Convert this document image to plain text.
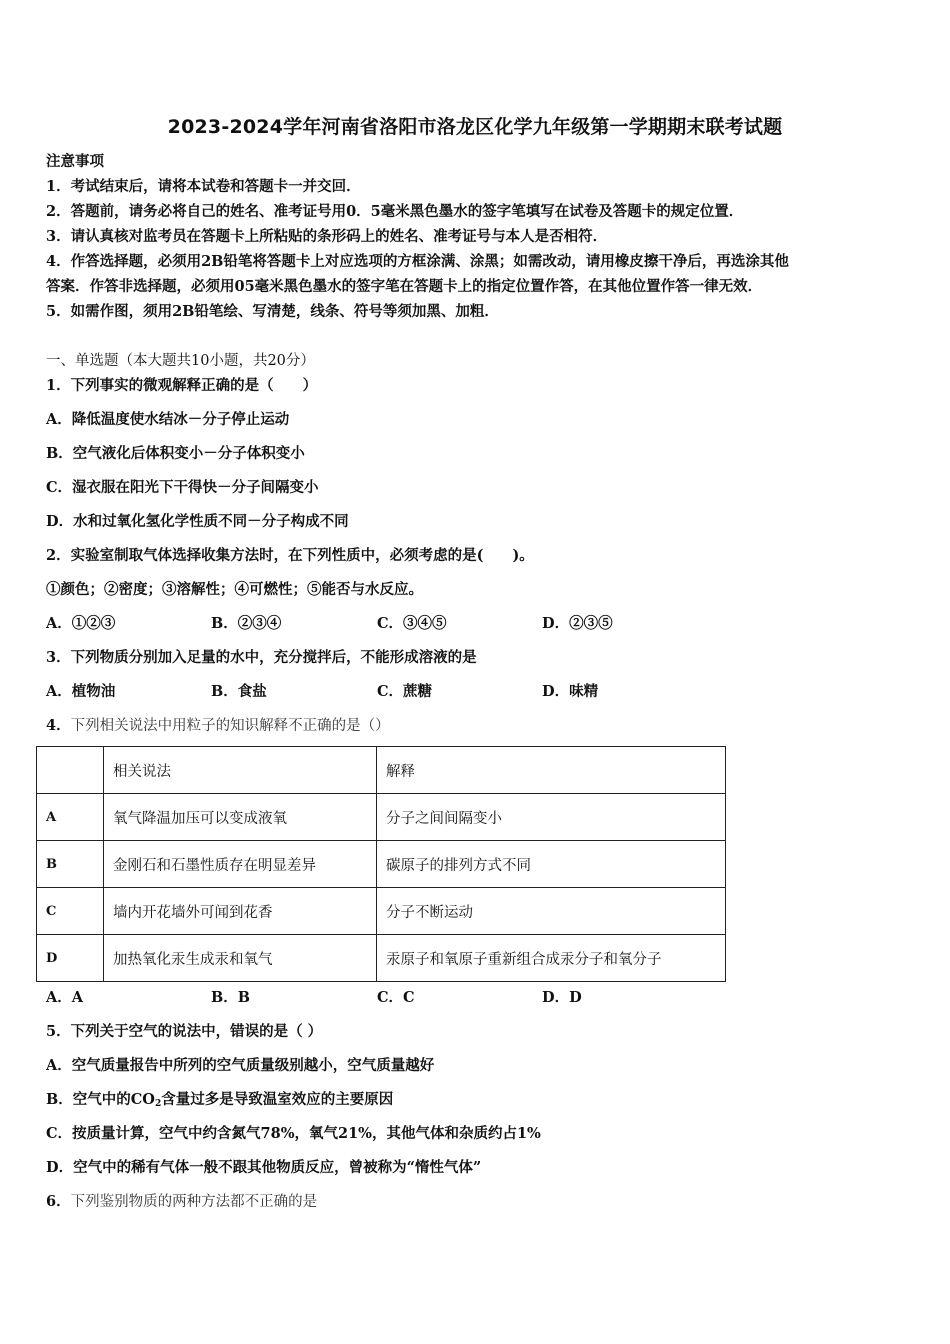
2023-2024学年河南省洛阳市洛龙区化学九年级第一学期期末联考试题
注意事项
1．考试结束后，请将本试卷和答题卡一并交回．
2．答题前，请务必将自己的姓名、准考证号用0．5毫米黑色墨水的签字笔填写在试卷及答题卡的规定位置．
3．请认真核对监考员在答题卡上所粘贴的条形码上的姓名、准考证号与本人是否相符．
4．作答选择题，必须用2B铅笔将答题卡上对应选项的方框涂满、涂黑；如需改动，请用橡皮擦干净后，再选涂其他
答案．作答非选择题，必须用05毫米黑色墨水的签字笔在答题卡上的指定位置作答，在其他位置作答一律无效．
5．如需作图，须用2B铅笔绘、写清楚，线条、符号等须加黑、加粗．
一、单选题（本大题共10小题，共20分）
1．下列事实的微观解释正确的是（　　）
A．降低温度使水结冰－分子停止运动
B．空气液化后体积变小－分子体积变小
C．湿衣服在阳光下干得快－分子间隔变小
D．水和过氧化氢化学性质不同－分子构成不同
2．实验室制取气体选择收集方法时，在下列性质中，必须考虑的是(　　)。
①颜色；②密度；③溶解性；④可燃性；⑤能否与水反应。
A．①②③	B．②③④	C．③④⑤	D．②③⑤
3．下列物质分别加入足量的水中，充分搅拌后，不能形成溶液的是
A．植物油	B．食盐	C．蔗糖	D．味精
4．下列相关说法中用粒子的知识解释不正确的是（）
	相关说法	解释
A	氧气降温加压可以变成液氧	分子之间间隔变小
B	金刚石和石墨性质存在明显差异	碳原子的排列方式不同
C	墙内开花墙外可闻到花香	分子不断运动
D	加热氧化汞生成汞和氧气	汞原子和氧原子重新组合成汞分子和氧分子
A．A	B．B	C．C	D．D
5．下列关于空气的说法中，错误的是（ ）
A．空气质量报告中所列的空气质量级别越小，空气质量越好
B．空气中的$CO_2$含量过多是导致温室效应的主要原因
C．按质量计算，空气中约含氮气78%，氧气21%，其他气体和杂质约占1%
D．空气中的稀有气体一般不跟其他物质反应，曾被称为“惰性气体”
6．下列鉴别物质的两种方法都不正确的是
